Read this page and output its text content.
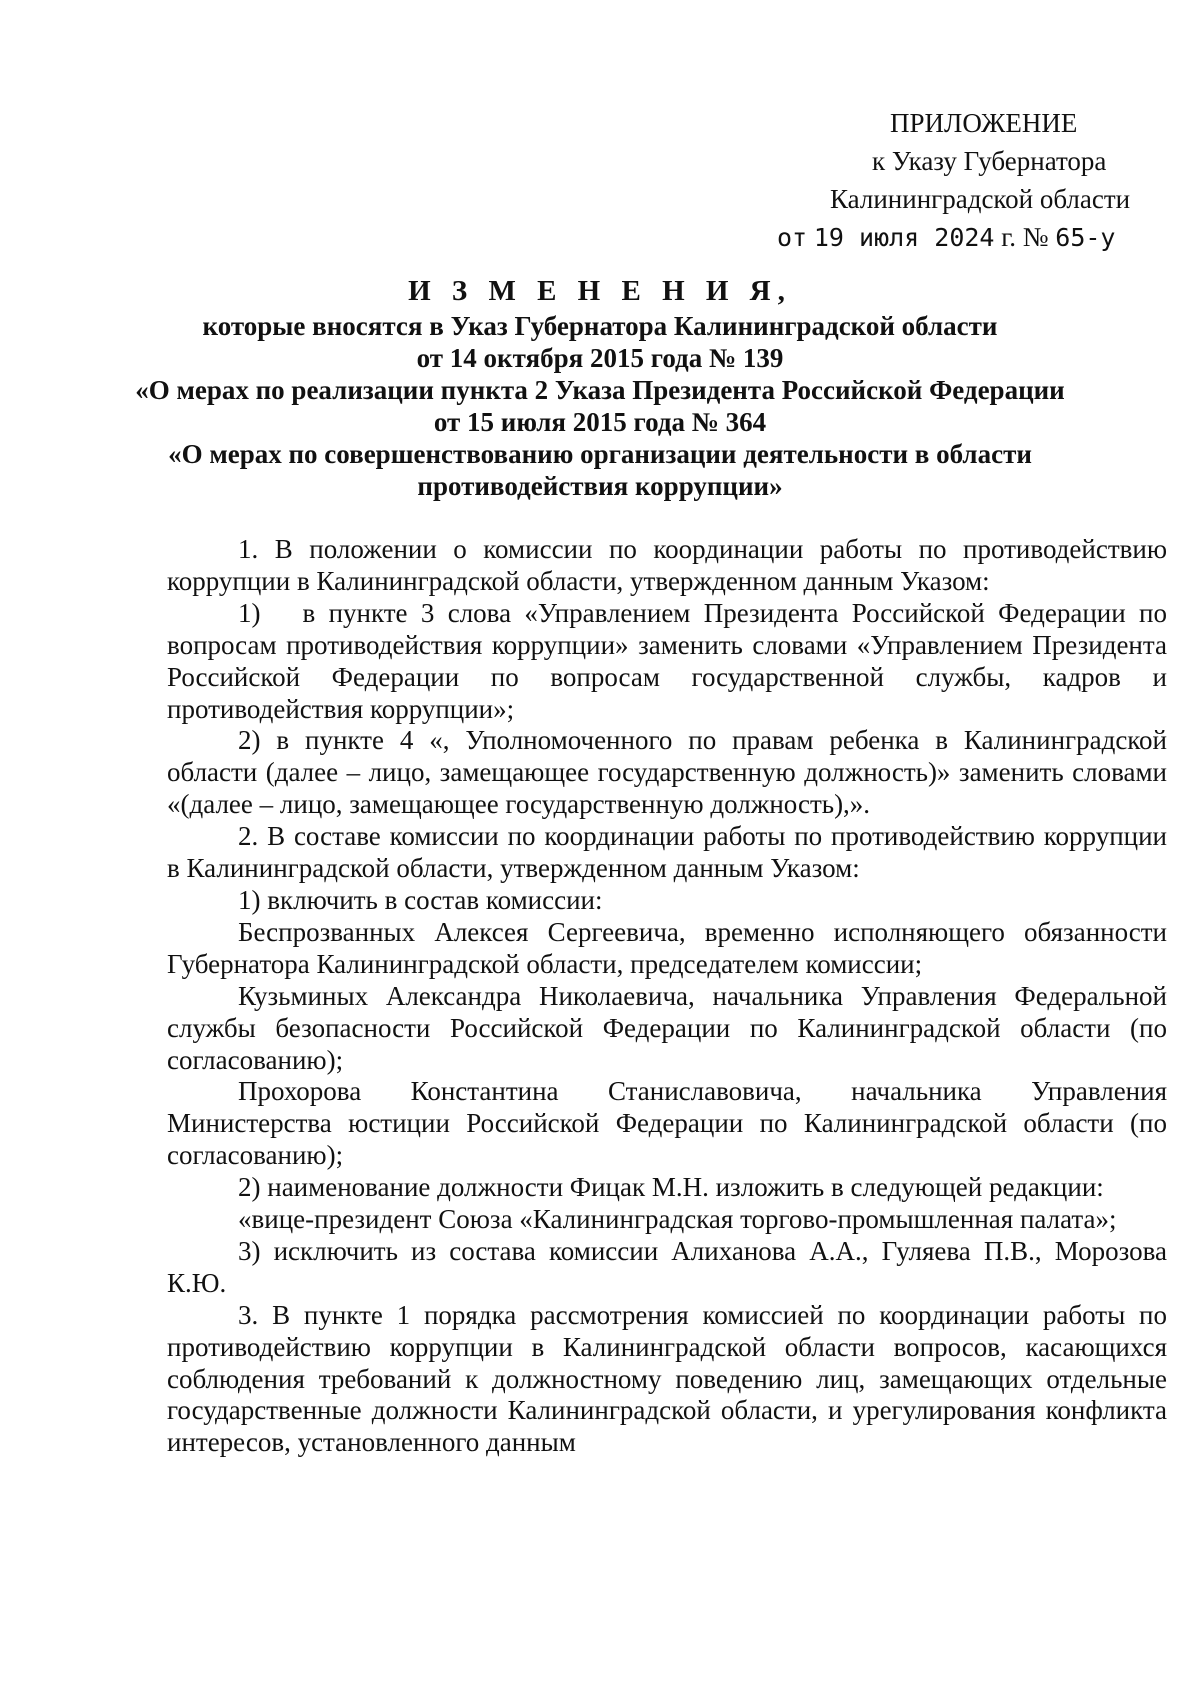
ПРИЛОЖЕНИЕ
к Указу Губернатора
Калининградской области
от 19 июля 2024 г. № 65-у
И З М Е Н Е Н И Я,
которые вносятся в Указ Губернатора Калининградской области
от 14 октября 2015 года № 139
«О мерах по реализации пункта 2 Указа Президента Российской Федерации
от 15 июля 2015 года № 364
«О мерах по совершенствованию организации деятельности в области
противодействия коррупции»

1. В положении о комиссии по координации работы по противодействию коррупции в Калининградской области, утвержденном данным Указом:

1) в пункте 3 слова «Управлением Президента Российской Федерации по вопросам противодействия коррупции» заменить словами «Управлением Президента Российской Федерации по вопросам государственной службы, кадров и противодействия коррупции»;

2) в пункте 4 «, Уполномоченного по правам ребенка в Калининградской области (далее – лицо, замещающее государственную должность)» заменить словами «(далее – лицо, замещающее государственную должность),».

2. В составе комиссии по координации работы по противодействию коррупции в Калининградской области, утвержденном данным Указом:

1) включить в состав комиссии:

Беспрозванных Алексея Сергеевича, временно исполняющего обязанности Губернатора Калининградской области, председателем комиссии;

Кузьминых Александра Николаевича, начальника Управления Федеральной службы безопасности Российской Федерации по Калининградской области (по согласованию);

Прохорова Константина Станиславовича, начальника Управления Министерства юстиции Российской Федерации по Калининградской области (по согласованию);

2) наименование должности Фицак М.Н. изложить в следующей редакции:

«вице-президент Союза «Калининградская торгово-промышленная палата»;

3) исключить из состава комиссии Алиханова А.А., Гуляева П.В., Морозова К.Ю.

3. В пункте 1 порядка рассмотрения комиссией по координации работы по противодействию коррупции в Калининградской области вопросов, касающихся соблюдения требований к должностному поведению лиц, замещающих отдельные государственные должности Калининградской области, и урегулирования конфликта интересов, установленного данным
